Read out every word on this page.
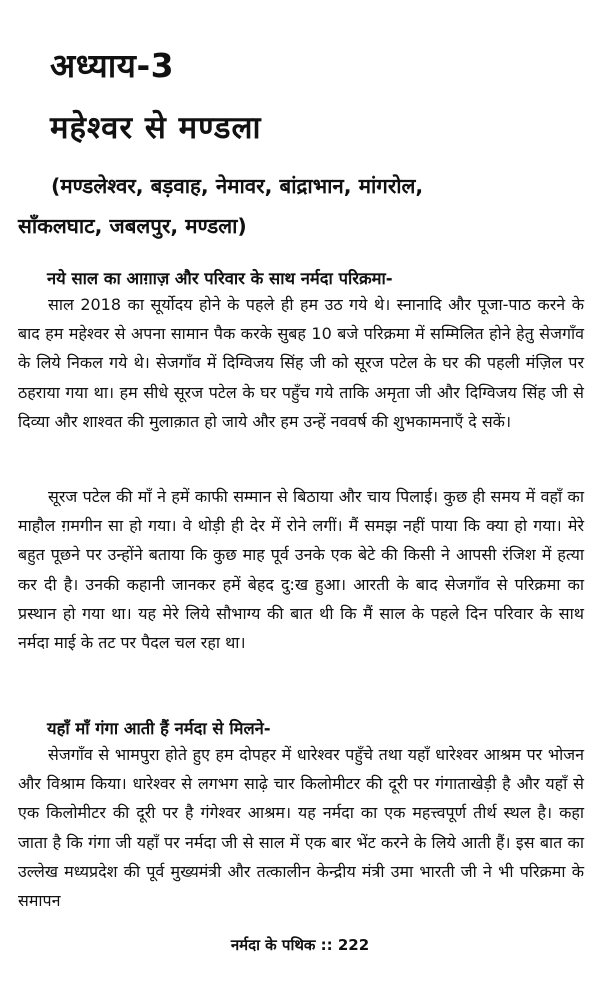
अध्याय-3
महेश्वर से मण्डला
(मण्डलेश्वर, बड़वाह, नेमावर, बांद्राभान, मांगरोल,
साँकलघाट, जबलपुर, मण्डला)
नये साल का आग़ाज़ और परिवार के साथ नर्मदा परिक्रमा-

साल 2018 का सूर्योदय होने के पहले ही हम उठ गये थे। स्नानादि और पूजा-पाठ करने के बाद हम महेश्वर से अपना सामान पैक करके सुबह 10 बजे परिक्रमा में सम्मिलित होने हेतु सेजगाँव के लिये निकल गये थे। सेजगाँव में दिग्विजय सिंह जी को सूरज पटेल के घर की पहली मंज़िल पर ठहराया गया था। हम सीधे सूरज पटेल के घर पहुँच गये ताकि अमृता जी और दिग्विजय सिंह जी से दिव्या और शाश्वत की मुलाक़ात हो जाये और हम उन्हें नववर्ष की शुभकामनाएँ दे सकें।

सूरज पटेल की माँ ने हमें काफी सम्मान से बिठाया और चाय पिलाई। कुछ ही समय में वहाँ का माहौल ग़मगीन सा हो गया। वे थोड़ी ही देर में रोने लगीं। मैं समझ नहीं पाया कि क्या हो गया। मेरे बहुत पूछने पर उन्होंने बताया कि कुछ माह पूर्व उनके एक बेटे की किसी ने आपसी रंजिश में हत्या कर दी है। उनकी कहानी जानकर हमें बेहद दु:ख हुआ। आरती के बाद सेजगाँव से परिक्रमा का प्रस्थान हो गया था। यह मेरे लिये सौभाग्य की बात थी कि मैं साल के पहले दिन परिवार के साथ नर्मदा माई के तट पर पैदल चल रहा था।

यहाँ माँ गंगा आती हैं नर्मदा से मिलने-

सेजगाँव से भामपुरा होते हुए हम दोपहर में धारेश्वर पहुँचे तथा यहाँ धारेश्वर आश्रम पर भोजन और विश्राम किया। धारेश्वर से लगभग साढ़े चार किलोमीटर की दूरी पर गंगाताखेड़ी है और यहाँ से एक किलोमीटर की दूरी पर है गंगेश्वर आश्रम। यह नर्मदा का एक महत्त्वपूर्ण तीर्थ स्थल है। कहा जाता है कि गंगा जी यहाँ पर नर्मदा जी से साल में एक बार भेंट करने के लिये आती हैं। इस बात का उल्लेख मध्यप्रदेश की पूर्व मुख्यमंत्री और तत्कालीन केन्द्रीय मंत्री उमा भारती जी ने भी परिक्रमा के समापन

नर्मदा के पथिक :: 222
